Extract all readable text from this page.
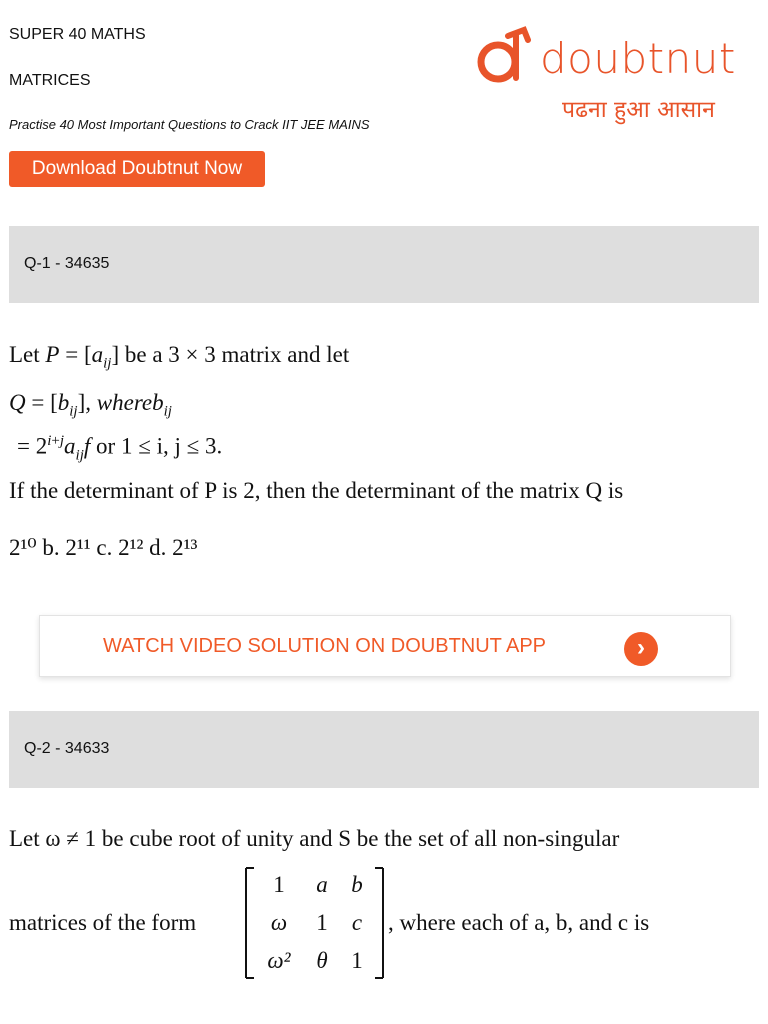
SUPER 40 MATHS
MATRICES
Practise 40 Most Important Questions to Crack IIT JEE MAINS
Download Doubtnut Now
doubtnut
पढना हुआ आसान
Q-1 - 34635
Let $P = [a_{ij}]$ be a 3 × 3 matrix and let
$Q = [b_{ij}]$, whereb$_{ij}$
= $2^{i+j}a_{ij}f$ or 1 ≤ i, j ≤ 3.
If the determinant of P is 2, then the determinant of the matrix Q is
2¹⁰ b. 2¹¹ c. 2¹² d. 2¹³
WATCH VIDEO SOLUTION ON DOUBTNUT APP	›
Q-2 - 34633
Let ω ≠ 1 be cube root of unity and S be the set of all non-singular
matrices of the form
1	a	b
ω	1	c
ω²	θ	1
, where each of a, b, and c is
